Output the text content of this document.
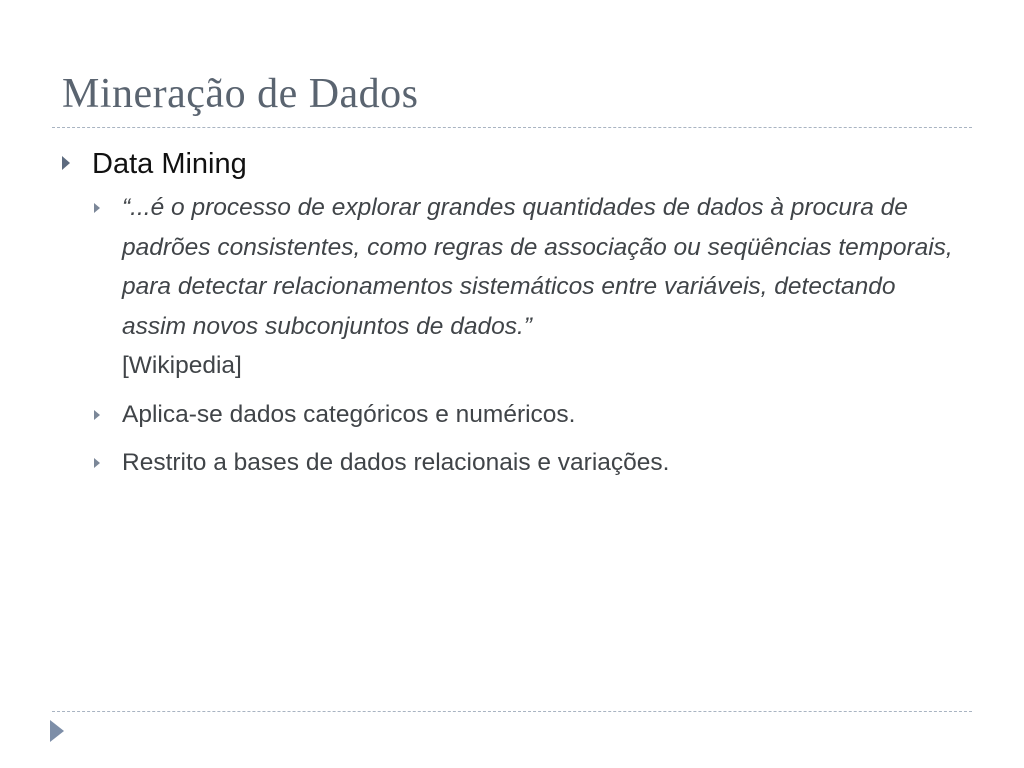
Mineração de Dados
Data Mining
“...é o processo de explorar grandes quantidades de dados à procura de padrões consistentes, como regras de associação ou seqüências temporais, para detectar relacionamentos sistemáticos entre variáveis, detectando assim novos subconjuntos de dados.”
[Wikipedia]
Aplica-se dados categóricos e numéricos.
Restrito a bases de dados relacionais e variações.
